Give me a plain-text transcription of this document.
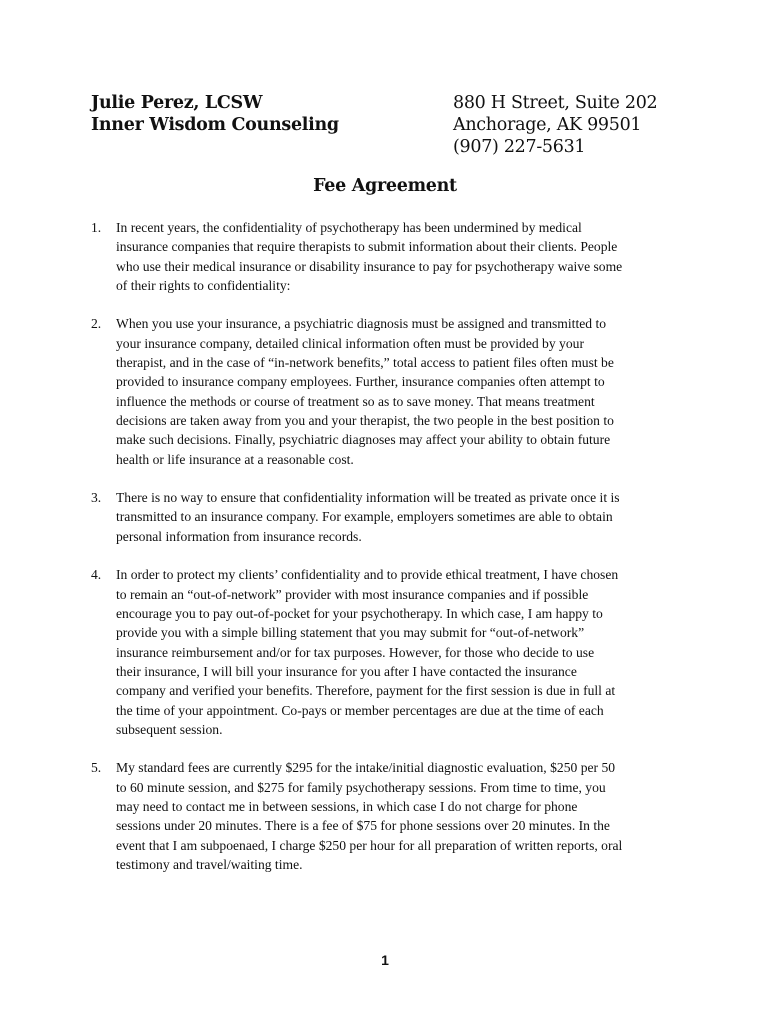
Julie Perez, LCSW
Inner Wisdom Counseling
880 H Street, Suite 202
Anchorage, AK 99501
(907) 227-5631
Fee Agreement
1. In recent years, the confidentiality of psychotherapy has been undermined by medical
insurance companies that require therapists to submit information about their clients. People
who use their medical insurance or disability insurance to pay for psychotherapy waive some
of their rights to confidentiality:
2. When you use your insurance, a psychiatric diagnosis must be assigned and transmitted to
your insurance company, detailed clinical information often must be provided by your
therapist, and in the case of “in-network benefits,” total access to patient files often must be
provided to insurance company employees. Further, insurance companies often attempt to
influence the methods or course of treatment so as to save money. That means treatment
decisions are taken away from you and your therapist, the two people in the best position to
make such decisions. Finally, psychiatric diagnoses may affect your ability to obtain future
health or life insurance at a reasonable cost.
3. There is no way to ensure that confidentiality information will be treated as private once it is
transmitted to an insurance company. For example, employers sometimes are able to obtain
personal information from insurance records.
4. In order to protect my clients’ confidentiality and to provide ethical treatment, I have chosen
to remain an “out-of-network” provider with most insurance companies and if possible
encourage you to pay out-of-pocket for your psychotherapy. In which case, I am happy to
provide you with a simple billing statement that you may submit for “out-of-network”
insurance reimbursement and/or for tax purposes. However, for those who decide to use
their insurance, I will bill your insurance for you after I have contacted the insurance
company and verified your benefits. Therefore, payment for the first session is due in full at
the time of your appointment. Co-pays or member percentages are due at the time of each
subsequent session.
5. My standard fees are currently $295 for the intake/initial diagnostic evaluation, $250 per 50
to 60 minute session, and $275 for family psychotherapy sessions. From time to time, you
may need to contact me in between sessions, in which case I do not charge for phone
sessions under 20 minutes. There is a fee of $75 for phone sessions over 20 minutes. In the
event that I am subpoenaed, I charge $250 per hour for all preparation of written reports, oral
testimony and travel/waiting time.
1
